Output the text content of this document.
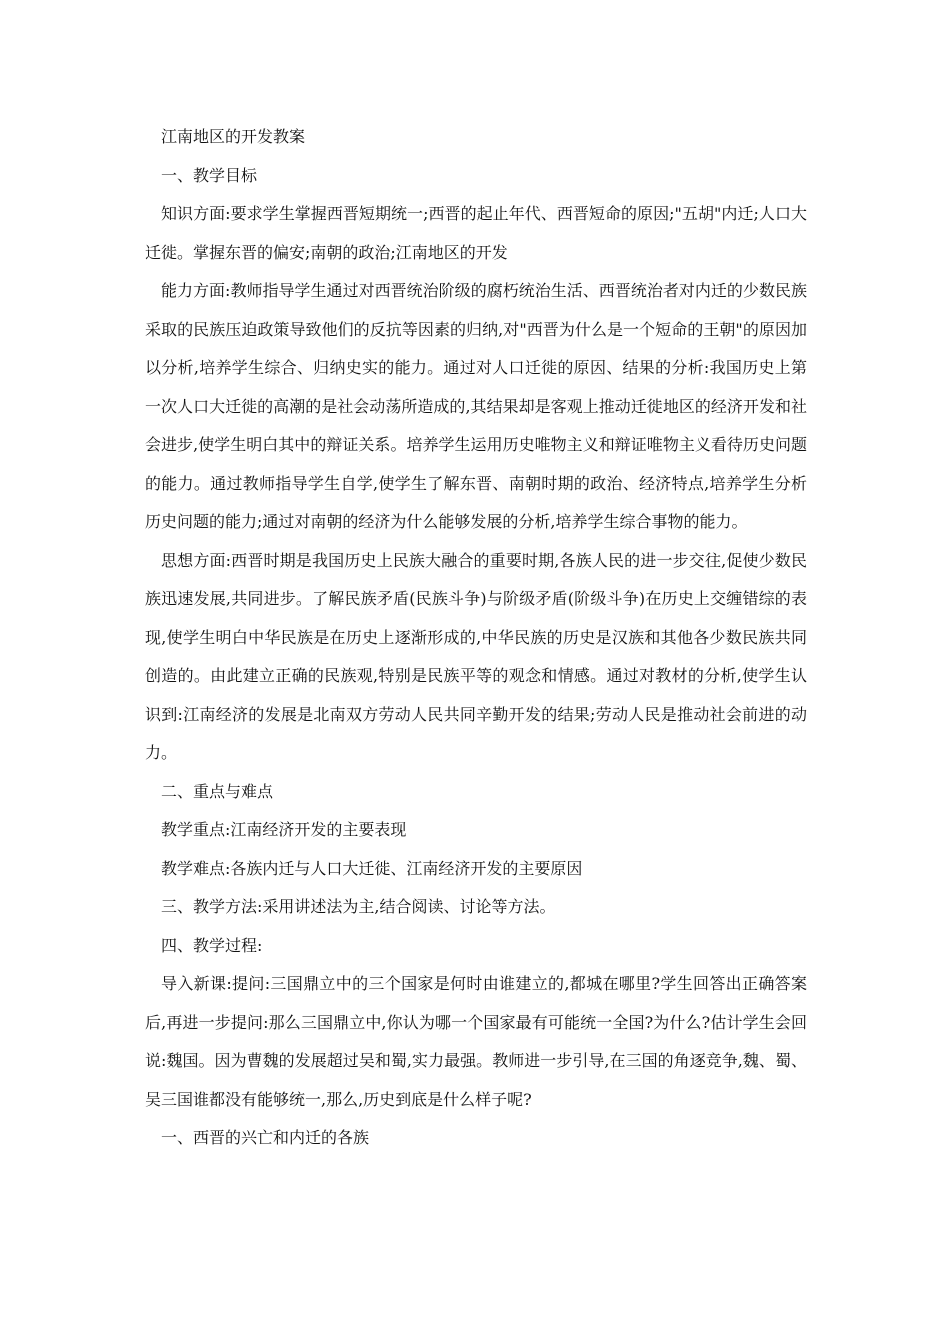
江南地区的开发教案

一、教学目标

知识方面:要求学生掌握西晋短期统一;西晋的起止年代、西晋短命的原因;"五胡"内迁;人口大迁徙。掌握东晋的偏安;南朝的政治;江南地区的开发

能力方面:教师指导学生通过对西晋统治阶级的腐朽统治生活、西晋统治者对内迁的少数民族采取的民族压迫政策导致他们的反抗等因素的归纳,对"西晋为什么是一个短命的王朝"的原因加以分析,培养学生综合、归纳史实的能力。通过对人口迁徙的原因、结果的分析:我国历史上第一次人口大迁徙的高潮的是社会动荡所造成的,其结果却是客观上推动迁徙地区的经济开发和社会进步,使学生明白其中的辩证关系。培养学生运用历史唯物主义和辩证唯物主义看待历史问题的能力。通过教师指导学生自学,使学生了解东晋、南朝时期的政治、经济特点,培养学生分析历史问题的能力;通过对南朝的经济为什么能够发展的分析,培养学生综合事物的能力。

思想方面:西晋时期是我国历史上民族大融合的重要时期,各族人民的进一步交往,促使少数民族迅速发展,共同进步。了解民族矛盾(民族斗争)与阶级矛盾(阶级斗争)在历史上交缠错综的表现,使学生明白中华民族是在历史上逐渐形成的,中华民族的历史是汉族和其他各少数民族共同创造的。由此建立正确的民族观,特别是民族平等的观念和情感。通过对教材的分析,使学生认识到:江南经济的发展是北南双方劳动人民共同辛勤开发的结果;劳动人民是推动社会前进的动力。

二、重点与难点

教学重点:江南经济开发的主要表现

教学难点:各族内迁与人口大迁徙、江南经济开发的主要原因

三、教学方法:采用讲述法为主,结合阅读、讨论等方法。

四、教学过程:

导入新课:提问:三国鼎立中的三个国家是何时由谁建立的,都城在哪里?学生回答出正确答案后,再进一步提问:那么三国鼎立中,你认为哪一个国家最有可能统一全国?为什么?估计学生会回说:魏国。因为曹魏的发展超过吴和蜀,实力最强。教师进一步引导,在三国的角逐竞争,魏、蜀、吴三国谁都没有能够统一,那么,历史到底是什么样子呢?

一、西晋的兴亡和内迁的各族
